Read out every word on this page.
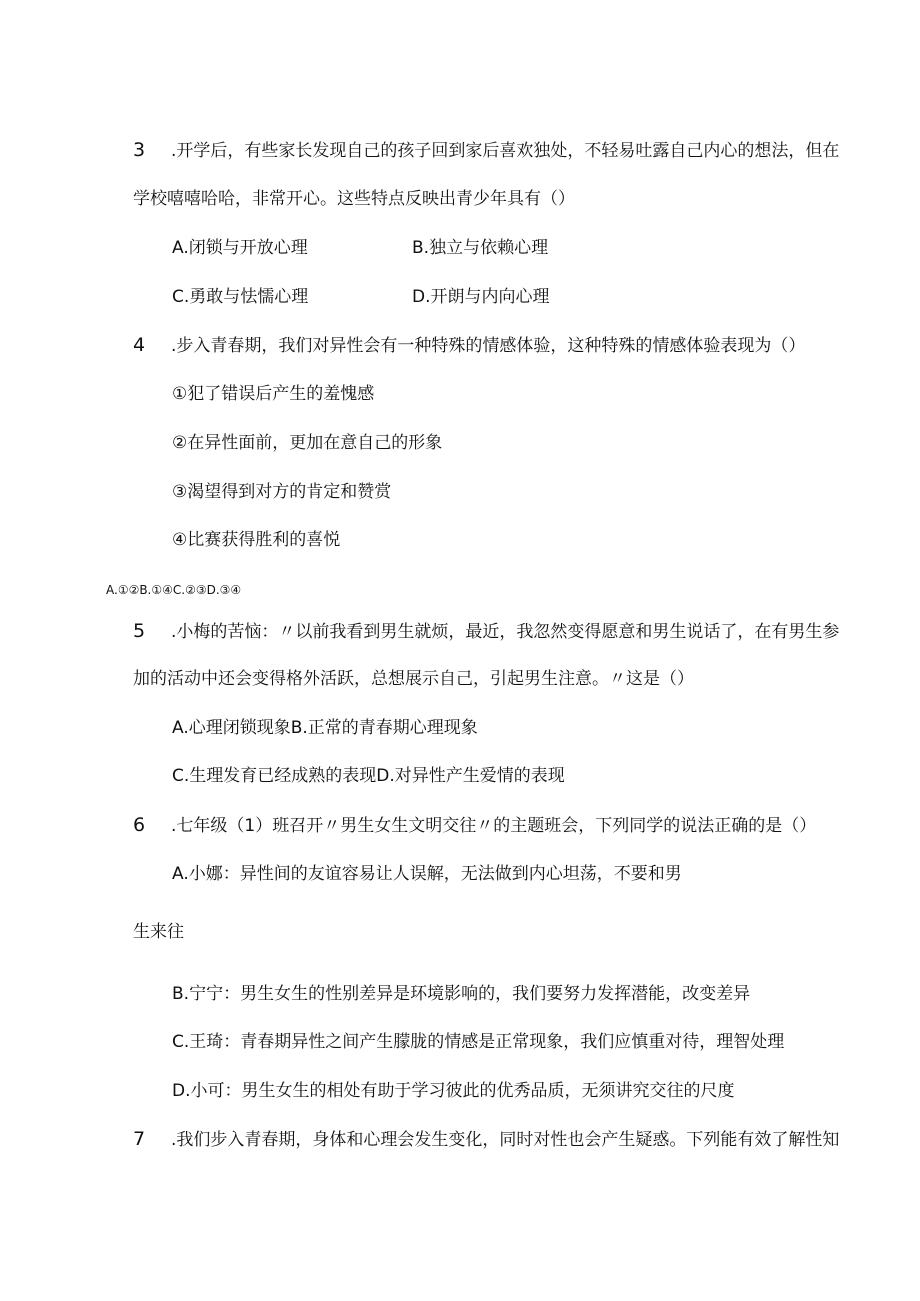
3 .开学后，有些家长发现自己的孩子回到家后喜欢独处，不轻易吐露自己内心的想法，但在
学校嘻嘻哈哈，非常开心。这些特点反映出青少年具有（）
A.闭锁与开放心理	B.独立与依赖心理
C.勇敢与怯懦心理	D.开朗与内向心理
4 .步入青春期，我们对异性会有一种特殊的情感体验，这种特殊的情感体验表现为（）
①犯了错误后产生的羞愧感
②在异性面前，更加在意自己的形象
③渴望得到对方的肯定和赞赏
④比赛获得胜利的喜悦
A.①②B.①④C.②③D.③④
5 .小梅的苦恼：〃以前我看到男生就烦，最近，我忽然变得愿意和男生说话了，在有男生参
加的活动中还会变得格外活跃，总想展示自己，引起男生注意。〃这是（）
A.心理闭锁现象B.正常的青春期心理现象
C.生理发育已经成熟的表现D.对异性产生爱情的表现
6 .七年级（1）班召开〃男生女生文明交往〃的主题班会，下列同学的说法正确的是（）
A.小娜：异性间的友谊容易让人误解，无法做到内心坦荡，不要和男
生来往
B.宁宁：男生女生的性别差异是环境影响的，我们要努力发挥潜能，改变差异
C.王琦：青春期异性之间产生朦胧的情感是正常现象，我们应慎重对待，理智处理
D.小可：男生女生的相处有助于学习彼此的优秀品质，无须讲究交往的尺度
7 .我们步入青春期，身体和心理会发生变化，同时对性也会产生疑惑。下列能有效了解性知
